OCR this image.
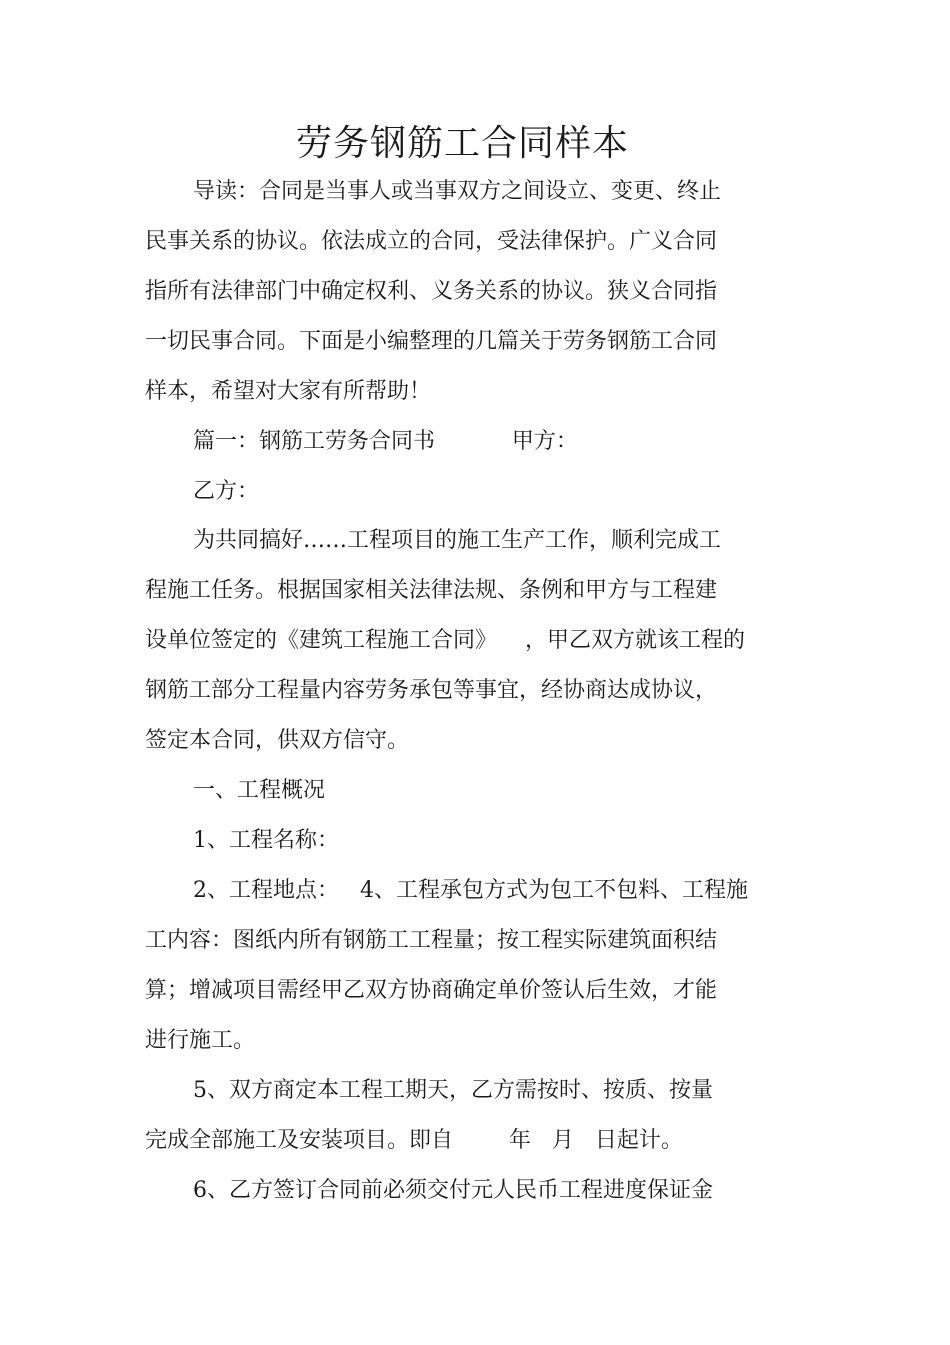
劳务钢筋工合同样本
导读：合同是当事人或当事双方之间设立、变更、终止
民事关系的协议。依法成立的合同，受法律保护。广义合同
指所有法律部门中确定权利、义务关系的协议。狭义合同指
一切民事合同。下面是小编整理的几篇关于劳务钢筋工合同
样本，希望对大家有所帮助！
篇一：钢筋工劳务合同书           甲方：
乙方：
为共同搞好……工程项目的施工生产工作，顺利完成工
程施工任务。根据国家相关法律法规、条例和甲方与工程建
设单位签定的《建筑工程施工合同》    ，甲乙双方就该工程的
钢筋工部分工程量内容劳务承包等事宜，经协商达成协议，
签定本合同，供双方信守。
一、工程概况
1、工程名称：
2、工程地点：   4、工程承包方式为包工不包料、工程施
工内容：图纸内所有钢筋工工程量；按工程实际建筑面积结
算；增减项目需经甲乙双方协商确定单价签认后生效，才能
进行施工。
5、双方商定本工程工期天，乙方需按时、按质、按量
完成全部施工及安装项目。即自        年   月   日起计。
6、乙方签订合同前必须交付元人民币工程进度保证金
